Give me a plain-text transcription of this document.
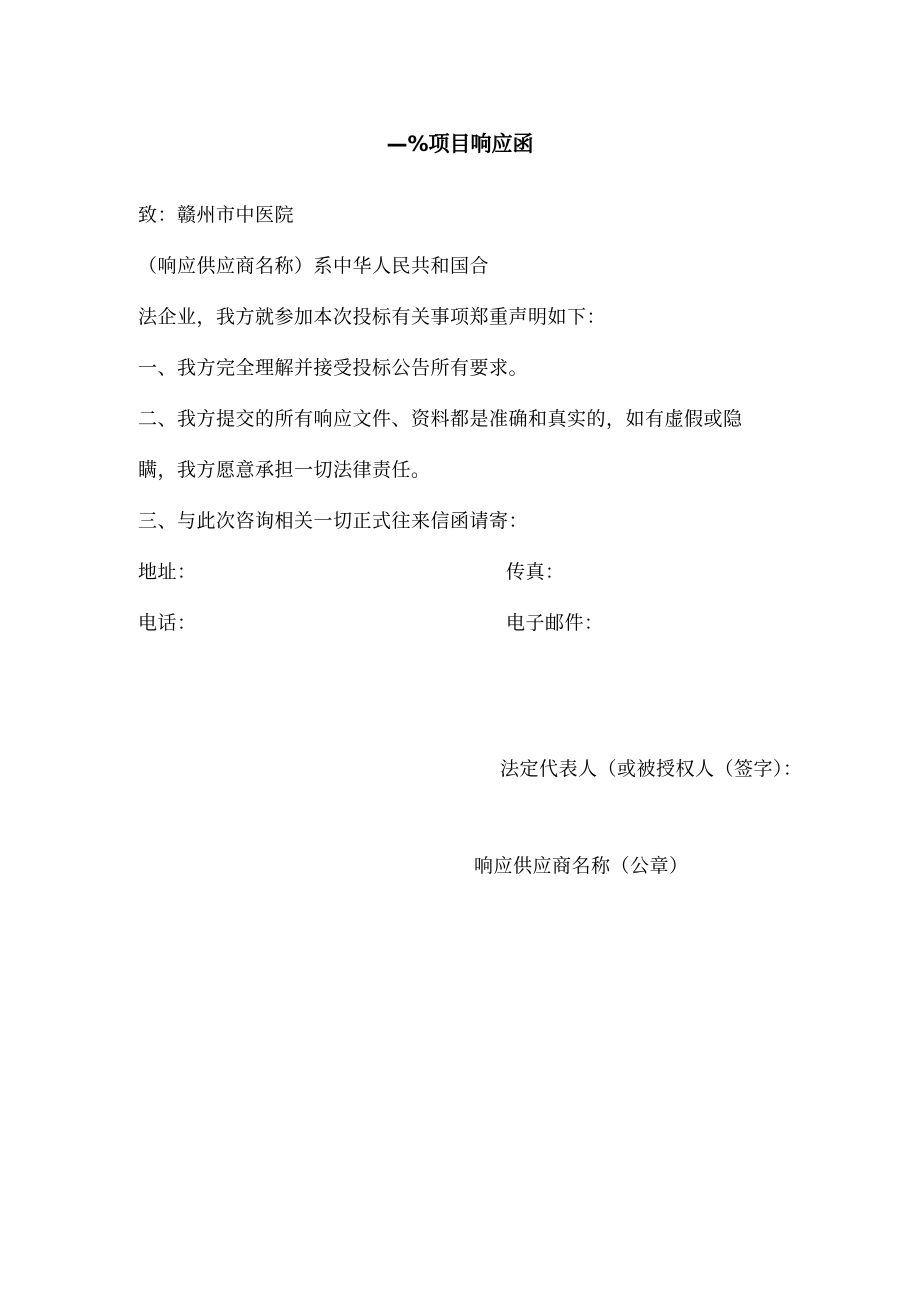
—%项目响应函
致：赣州市中医院
（响应供应商名称）系中华人民共和国合
法企业，我方就参加本次投标有关事项郑重声明如下：
一、我方完全理解并接受投标公告所有要求。
二、我方提交的所有响应文件、资料都是准确和真实的，如有虚假或隐
瞒，我方愿意承担一切法律责任。
三、与此次咨询相关一切正式往来信函请寄：
地址：	传真：
电话：	电子邮件：
法定代表人（或被授权人（签字）：
响应供应商名称（公章）
